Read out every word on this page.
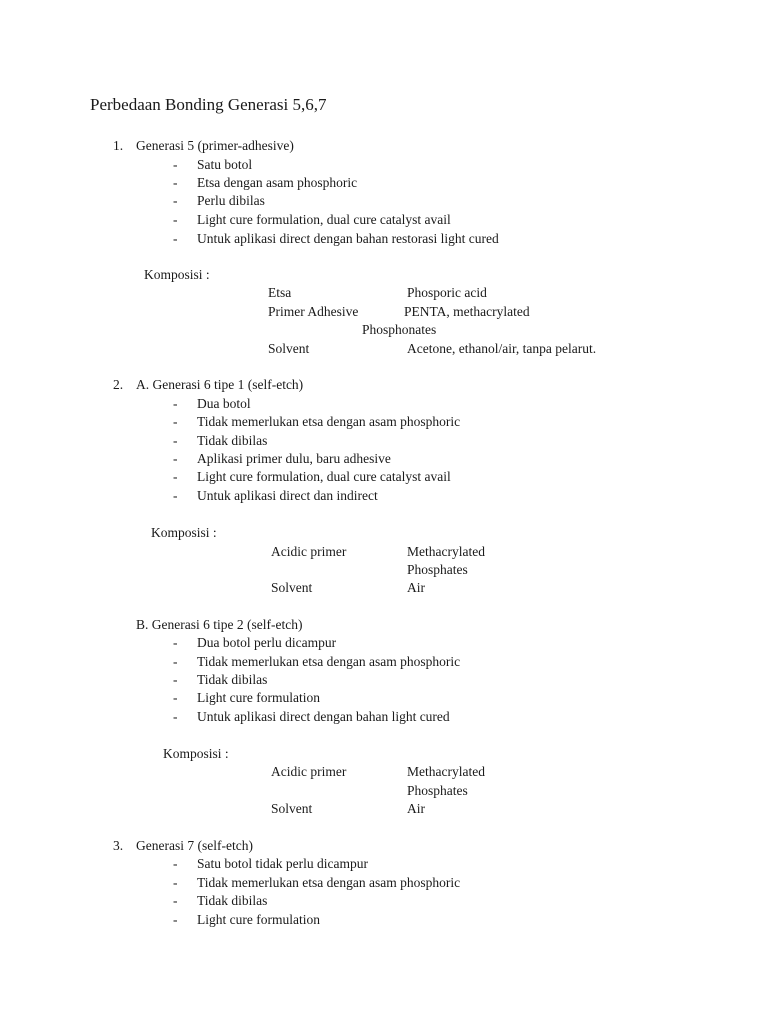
Perbedaan Bonding Generasi 5,6,7
1. Generasi 5 (primer-adhesive)
- Satu botol
- Etsa dengan asam phosphoric
- Perlu dibilas
- Light cure formulation, dual cure catalyst avail
- Untuk aplikasi direct dengan bahan restorasi light cured
Komposisi :
Etsa	Phosporic acid
Primer Adhesive	PENTA, methacrylated
Phosphonates
Solvent	Acetone, ethanol/air, tanpa pelarut.
2. A. Generasi 6 tipe 1 (self-etch)
- Dua botol
- Tidak memerlukan etsa dengan asam phosphoric
- Tidak dibilas
- Aplikasi primer dulu, baru adhesive
- Light cure formulation, dual cure catalyst avail
- Untuk aplikasi direct dan indirect
Komposisi :
Acidic primer	Methacrylated
Phosphates
Solvent	Air
B. Generasi 6 tipe 2 (self-etch)
- Dua botol perlu dicampur
- Tidak memerlukan etsa dengan asam phosphoric
- Tidak dibilas
- Light cure formulation
- Untuk aplikasi direct dengan bahan light cured
Komposisi :
Acidic primer	Methacrylated
Phosphates
Solvent	Air
3. Generasi 7 (self-etch)
- Satu botol tidak perlu dicampur
- Tidak memerlukan etsa dengan asam phosphoric
- Tidak dibilas
- Light cure formulation
